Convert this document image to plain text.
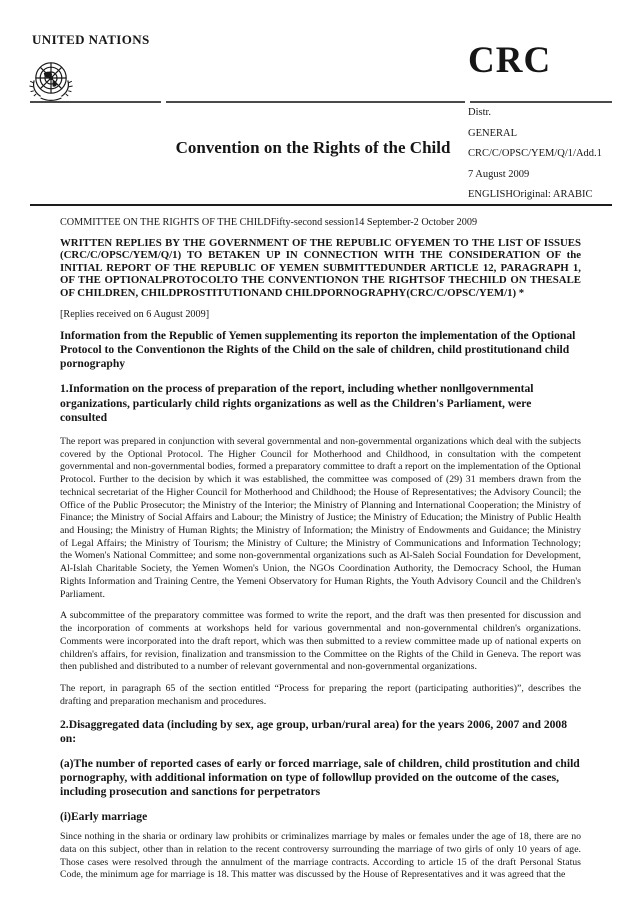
UNITED NATIONS
CRC
Convention on the Rights of the Child
Distr.
GENERAL
CRC/C/OPSC/YEM/Q/1/Add.1
7 August 2009
ENGLISHOriginal: ARABIC
COMMITTEE ON THE RIGHTS OF THE CHILDFifty-second session14 September-2 October 2009
WRITTEN REPLIES BY THE GOVERNMENT OF THE REPUBLIC OFYEMEN TO THE LIST OF ISSUES (CRC/C/OPSC/YEM/Q/1) TO BETAKEN UP IN CONNECTION WITH THE CONSIDERATION OF the INITIAL REPORT OF THE REPUBLIC OF YEMEN SUBMITTEDUNDER ARTICLE 12, PARAGRAPH 1, OF THE OPTIONALPROTOCOLTO THE CONVENTIONON THE RIGHTSOF THECHILD ON THESALE OF CHILDREN, CHILDPROSTITUTIONAND CHILDPORNOGRAPHY(CRC/C/OPSC/YEM/1) *
[Replies received on 6 August 2009]
Information from the Republic of Yemen supplementing its reporton the implementation of the Optional Protocol to the Conventionon the Rights of the Child on the sale of children, child prostitutionand child pornography
1.Information on the process of preparation of the report, including whether nonllgovernmental organizations, particularly child rights organizations as well as the Children's Parliament, were consulted
The report was prepared in conjunction with several governmental and non-governmental organizations which deal with the subjects covered by the Optional Protocol. The Higher Council for Motherhood and Childhood, in consultation with the competent governmental and non-governmental bodies, formed a preparatory committee to draft a report on the implementation of the Optional Protocol. Further to the decision by which it was established, the committee was composed of (29) 31 members drawn from the technical secretariat of the Higher Council for Motherhood and Childhood; the House of Representatives; the Advisory Council; the Office of the Public Prosecutor; the Ministry of the Interior; the Ministry of Planning and International Cooperation; the Ministry of Finance; the Ministry of Social Affairs and Labour; the Ministry of Justice; the Ministry of Education; the Ministry of Public Health and Housing; the Ministry of Human Rights; the Ministry of Information; the Ministry of Endowments and Guidance; the Ministry of Legal Affairs; the Ministry of Tourism; the Ministry of Culture; the Ministry of Communications and Information Technology; the Women's National Committee; and some non-governmental organizations such as Al-Saleh Social Foundation for Development, Al-Islah Charitable Society, the Yemen Women's Union, the NGOs Coordination Authority, the Democracy School, the Human Rights Information and Training Centre, the Yemeni Observatory for Human Rights, the Youth Advisory Council and the Children's Parliament.
A subcommittee of the preparatory committee was formed to write the report, and the draft was then presented for discussion and the incorporation of comments at workshops held for various governmental and non-governmental children's organizations. Comments were incorporated into the draft report, which was then submitted to a review committee made up of national experts on children's affairs, for revision, finalization and transmission to the Committee on the Rights of the Child in Geneva. The report was then published and distributed to a number of relevant governmental and non-governmental organizations.
The report, in paragraph 65 of the section entitled “Process for preparing the report (participating authorities)”, describes the drafting and preparation mechanism and procedures.
2.Disaggregated data (including by sex, age group, urban/rural area) for the years 2006, 2007 and 2008 on:
(a)The number of reported cases of early or forced marriage, sale of children, child prostitution and child pornography, with additional information on type of followllup provided on the outcome of the cases, including prosecution and sanctions for perpetrators
(i)Early marriage
Since nothing in the sharia or ordinary law prohibits or criminalizes marriage by males or females under the age of 18, there are no data on this subject, other than in relation to the recent controversy surrounding the marriage of two girls of only 10 years of age. Those cases were resolved through the annulment of the marriage contracts. According to article 15 of the draft Personal Status Code, the minimum age for marriage is 18. This matter was discussed by the House of Representatives and it was agreed that the
